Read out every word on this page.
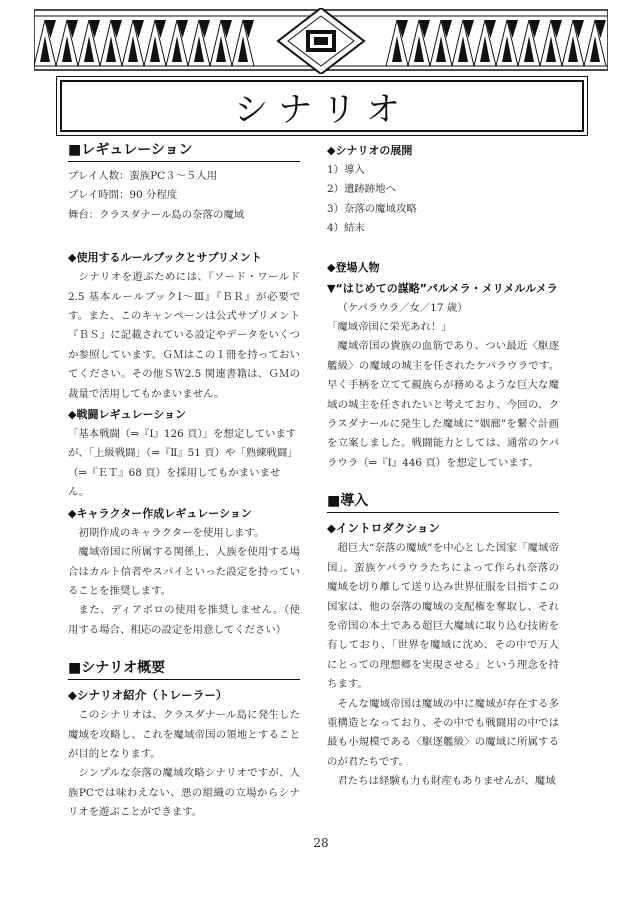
シナリオ
■レギュレーション
プレイ人数：蛮族PC３～５人用
プレイ時間：90 分程度
舞台：クラスダナール島の奈落の魔域
◆使用するルールブックとサプリメント
シナリオを遊ぶためには、『ソード・ワールド 2.5 基本ルールブックⅠ～Ⅲ』『ＢＲ』が必要です。また、このキャンペーンは公式サプリメント『ＢＳ』に記載されている設定やデータをいくつか参照しています。ＧＭはこの１冊を持っておいてください。その他ＳＷ2.5 関連書籍は、ＧＭの裁量で活用してもかまいません。
◆戦闘レギュレーション
「基本戦闘（⇒『Ⅰ』126 頁）」を想定していますが、「上級戦闘」（⇒『Ⅱ』51 頁）や「熟練戦闘」（⇒『ＥＴ』68 頁）を採用してもかまいません。
◆キャラクター作成レギュレーション
初期作成のキャラクターを使用します。
魔域帝国に所属する関係上、人族を使用する場合はカルト信者やスパイといった設定を持っていることを推奨します。
また、ディアボロの使用を推奨しません。（使用する場合、相応の設定を用意してください）
■シナリオ概要
◆シナリオ紹介（トレーラー）
このシナリオは、クラスダナール島に発生した魔域を攻略し、これを魔域帝国の領地とすることが目的となります。
シンプルな奈落の魔域攻略シナリオですが、人族PCでは味わえない、悪の組織の立場からシナリオを遊ぶことができます。
◆シナリオの展開
1）導入
2）遺跡跡地へ
3）奈落の魔域攻略
4）結末
◆登場人物
▼“はじめての謀略”パルメラ・メリメルルメラ
（ケパラウラ／女／17 歳）
「魔域帝国に栄光あれ！」
魔域帝国の貴族の血筋であり、つい最近〈駆逐艦級〉の魔域の城主を任されたケパラウラです。早く手柄を立てて親族らが務めるような巨大な魔域の城主を任されたいと考えており、今回の、クラスダナールに発生した魔域に“姻廊”を繋ぐ計画を立案しました。戦闘能力としては、通常のケパラウラ（⇒『Ⅰ』446 頁）を想定しています。
■導入
◆イントロダクション
超巨大“奈落の魔域”を中心とした国家「魔域帝国」。蛮族ケパラウラたちによって作られ奈落の魔域を切り離して送り込み世界征服を目指すこの国家は、他の奈落の魔域の支配権を奪取し、それを帝国の本土である超巨大魔域に取り込む技術を有しており、「世界を魔域に沈め、その中で万人にとっての理想郷を実現させる」という理念を持ちます。
そんな魔域帝国は魔域の中に魔域が存在する多重構造となっており、その中でも戦闘用の中では最も小規模である〈駆逐艦級〉の魔域に所属するのが君たちです。
君たちは経験も力も財産もありませんが、魔域
28
